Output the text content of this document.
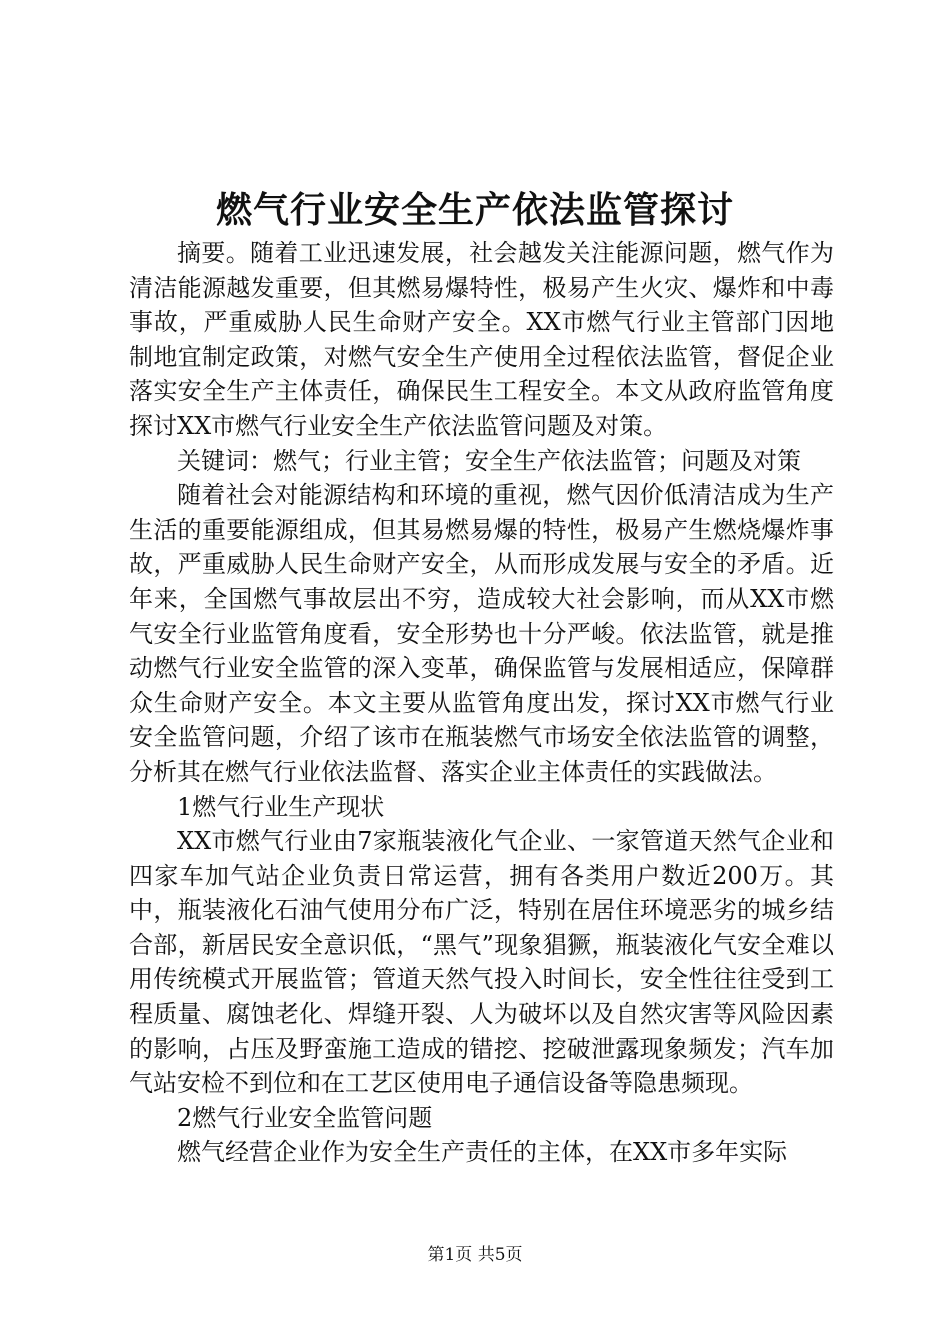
燃气行业安全生产依法监管探讨

摘要。随着工业迅速发展，社会越发关注能源问题，燃气作为清洁能源越发重要，但其燃易爆特性，极易产生火灾、爆炸和中毒事故，严重威胁人民生命财产安全。XX市燃气行业主管部门因地制地宜制定政策，对燃气安全生产使用全过程依法监管，督促企业落实安全生产主体责任，确保民生工程安全。本文从政府监管角度探讨XX市燃气行业安全生产依法监管问题及对策。

关键词：燃气；行业主管；安全生产依法监管；问题及对策

随着社会对能源结构和环境的重视，燃气因价低清洁成为生产生活的重要能源组成，但其易燃易爆的特性，极易产生燃烧爆炸事故，严重威胁人民生命财产安全，从而形成发展与安全的矛盾。近年来，全国燃气事故层出不穷，造成较大社会影响，而从XX市燃气安全行业监管角度看，安全形势也十分严峻。依法监管，就是推动燃气行业安全监管的深入变革，确保监管与发展相适应，保障群众生命财产安全。本文主要从监管角度出发，探讨XX市燃气行业安全监管问题，介绍了该市在瓶装燃气市场安全依法监管的调整，分析其在燃气行业依法监督、落实企业主体责任的实践做法。

1燃气行业生产现状

XX市燃气行业由7家瓶装液化气企业、一家管道天然气企业和四家车加气站企业负责日常运营，拥有各类用户数近200万。其中，瓶装液化石油气使用分布广泛，特别在居住环境恶劣的城乡结合部，新居民安全意识低，“黑气”现象猖獗，瓶装液化气安全难以用传统模式开展监管；管道天然气投入时间长，安全性往往受到工程质量、腐蚀老化、焊缝开裂、人为破坏以及自然灾害等风险因素的影响，占压及野蛮施工造成的错挖、挖破泄露现象频发；汽车加气站安检不到位和在工艺区使用电子通信设备等隐患频现。

2燃气行业安全监管问题

燃气经营企业作为安全生产责任的主体，在XX市多年实际

第1页 共5页
